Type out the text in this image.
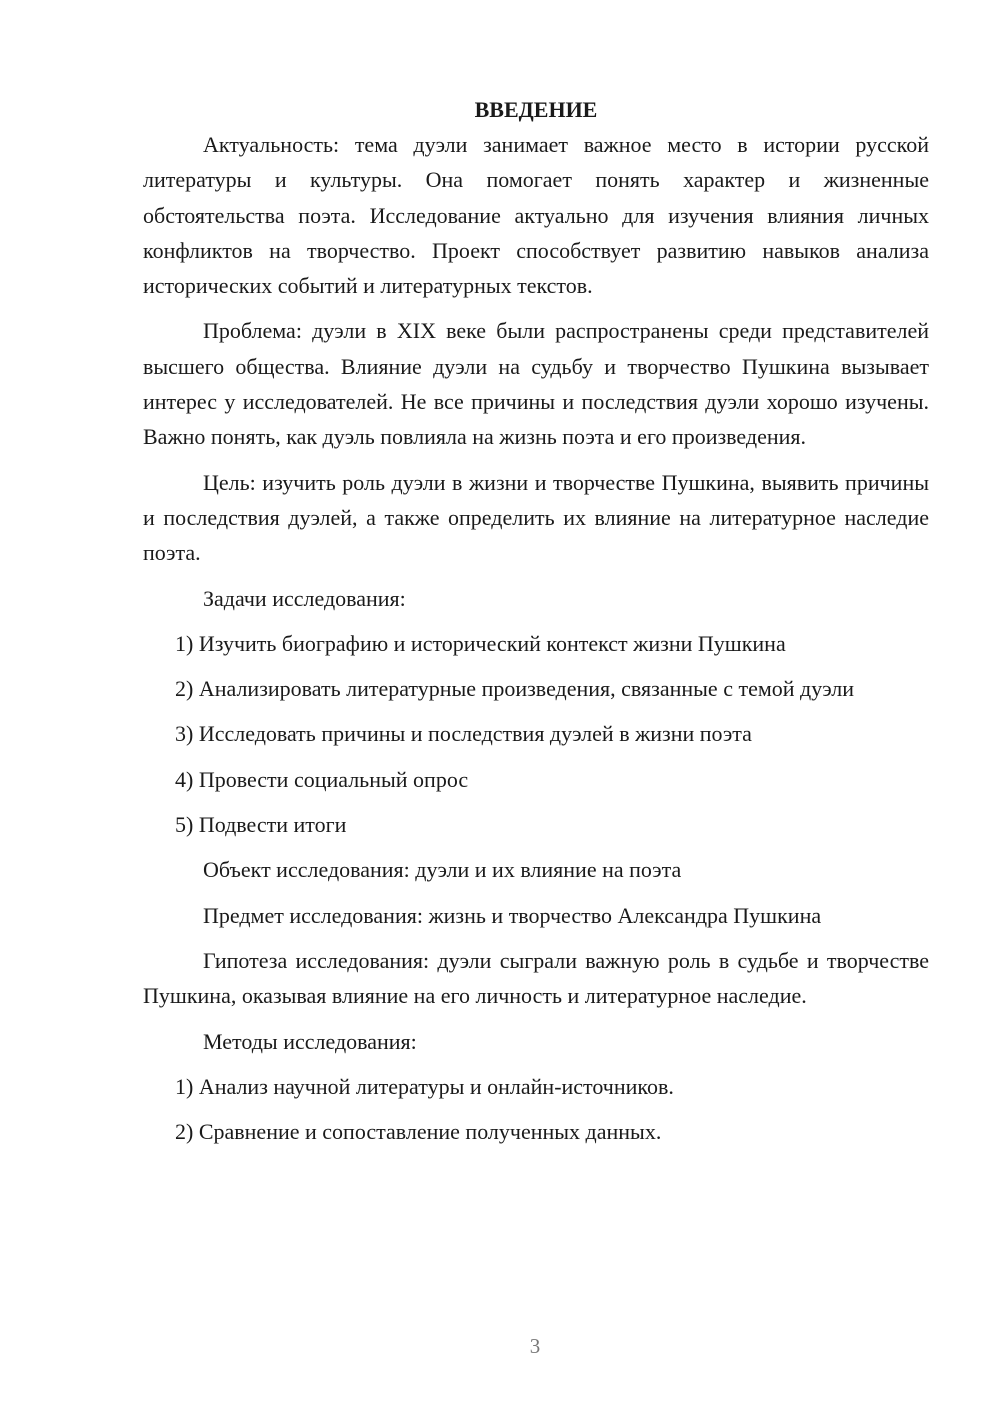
ВВЕДЕНИЕ

Актуальность: тема дуэли занимает важное место в истории русской литературы и культуры. Она помогает понять характер и жизненные обстоятельства поэта. Исследование актуально для изучения влияния личных конфликтов на творчество. Проект способствует развитию навыков анализа исторических событий и литературных текстов.

Проблема: дуэли в XIX веке были распространены среди представителей высшего общества. Влияние дуэли на судьбу и творчество Пушкина вызывает интерес у исследователей. Не все причины и последствия дуэли хорошо изучены. Важно понять, как дуэль повлияла на жизнь поэта и его произведения.

Цель: изучить роль дуэли в жизни и творчестве Пушкина, выявить причины и последствия дуэлей, а также определить их влияние на литературное наследие поэта.

Задачи исследования:

1) Изучить биографию и исторический контекст жизни Пушкина

2) Анализировать литературные произведения, связанные с темой дуэли

3) Исследовать причины и последствия дуэлей в жизни поэта

4) Провести социальный опрос

5) Подвести итоги

Объект исследования: дуэли и их влияние на поэта

Предмет исследования: жизнь и творчество Александра Пушкина

Гипотеза исследования: дуэли сыграли важную роль в судьбе и творчестве Пушкина, оказывая влияние на его личность и литературное наследие.

Методы исследования:

1) Анализ научной литературы и онлайн-источников.

2) Сравнение и сопоставление полученных данных.

3
